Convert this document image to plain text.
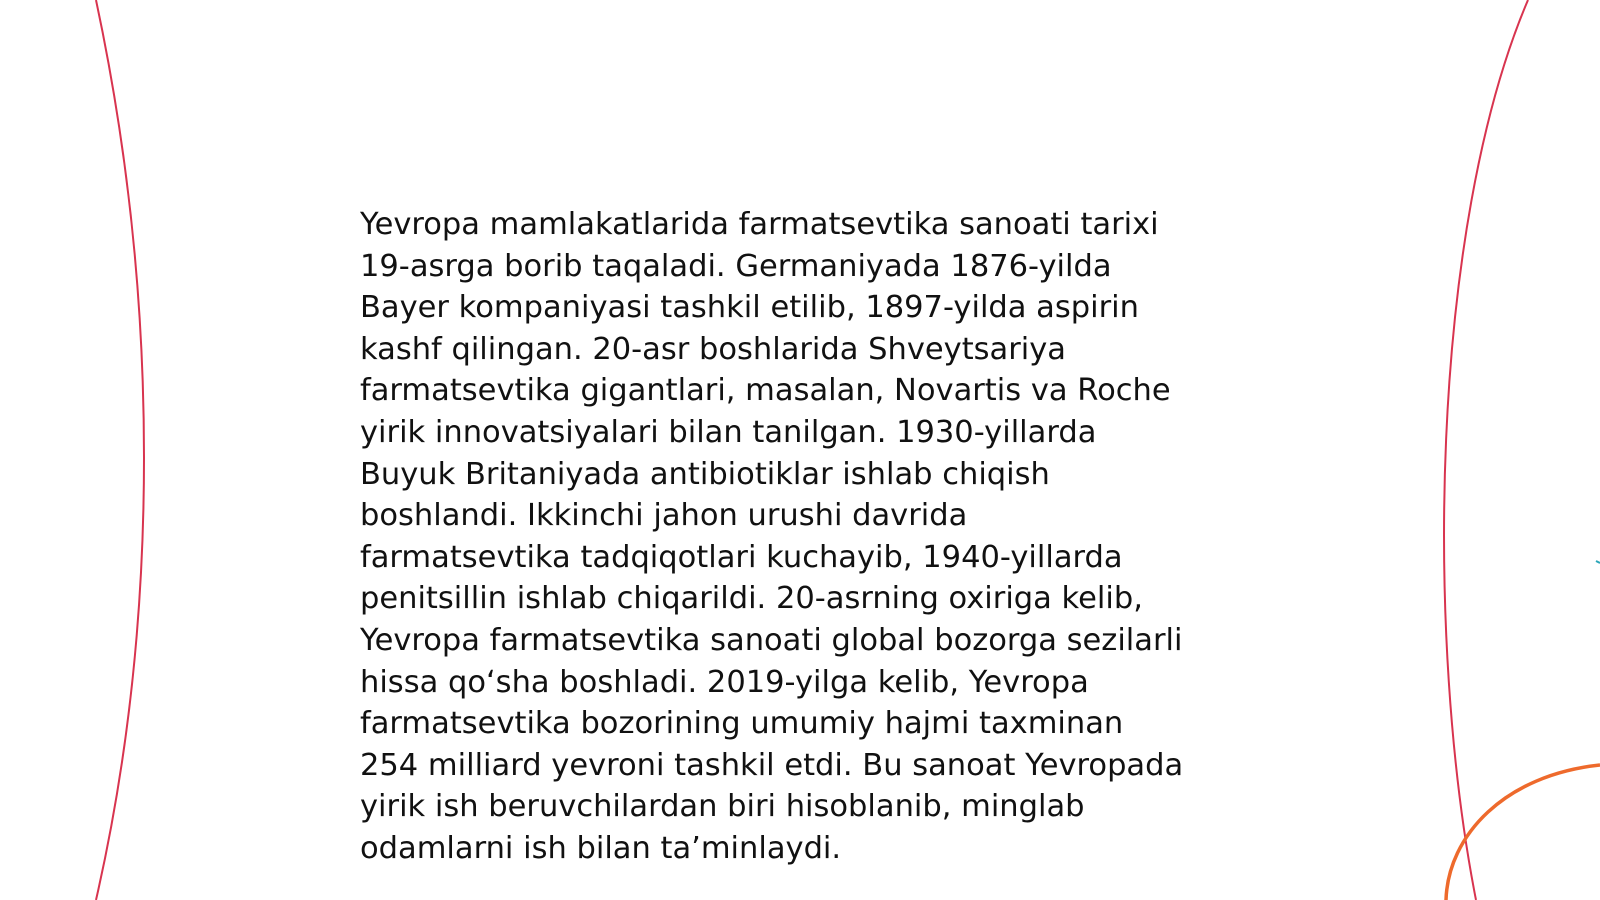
Yevropa mamlakatlarida farmatsevtika sanoati tarixi
19-asrga borib taqaladi. Germaniyada 1876-yilda
Bayer kompaniyasi tashkil etilib, 1897-yilda aspirin
kashf qilingan. 20-asr boshlarida Shveytsariya
farmatsevtika gigantlari, masalan, Novartis va Roche
yirik innovatsiyalari bilan tanilgan. 1930-yillarda
Buyuk Britaniyada antibiotiklar ishlab chiqish
boshlandi. Ikkinchi jahon urushi davrida
farmatsevtika tadqiqotlari kuchayib, 1940-yillarda
penitsillin ishlab chiqarildi. 20-asrning oxiriga kelib,
Yevropa farmatsevtika sanoati global bozorga sezilarli
hissa qo‘sha boshladi. 2019-yilga kelib, Yevropa
farmatsevtika bozorining umumiy hajmi taxminan
254 milliard yevroni tashkil etdi. Bu sanoat Yevropada
yirik ish beruvchilardan biri hisoblanib, minglab
odamlarni ish bilan ta’minlaydi.
